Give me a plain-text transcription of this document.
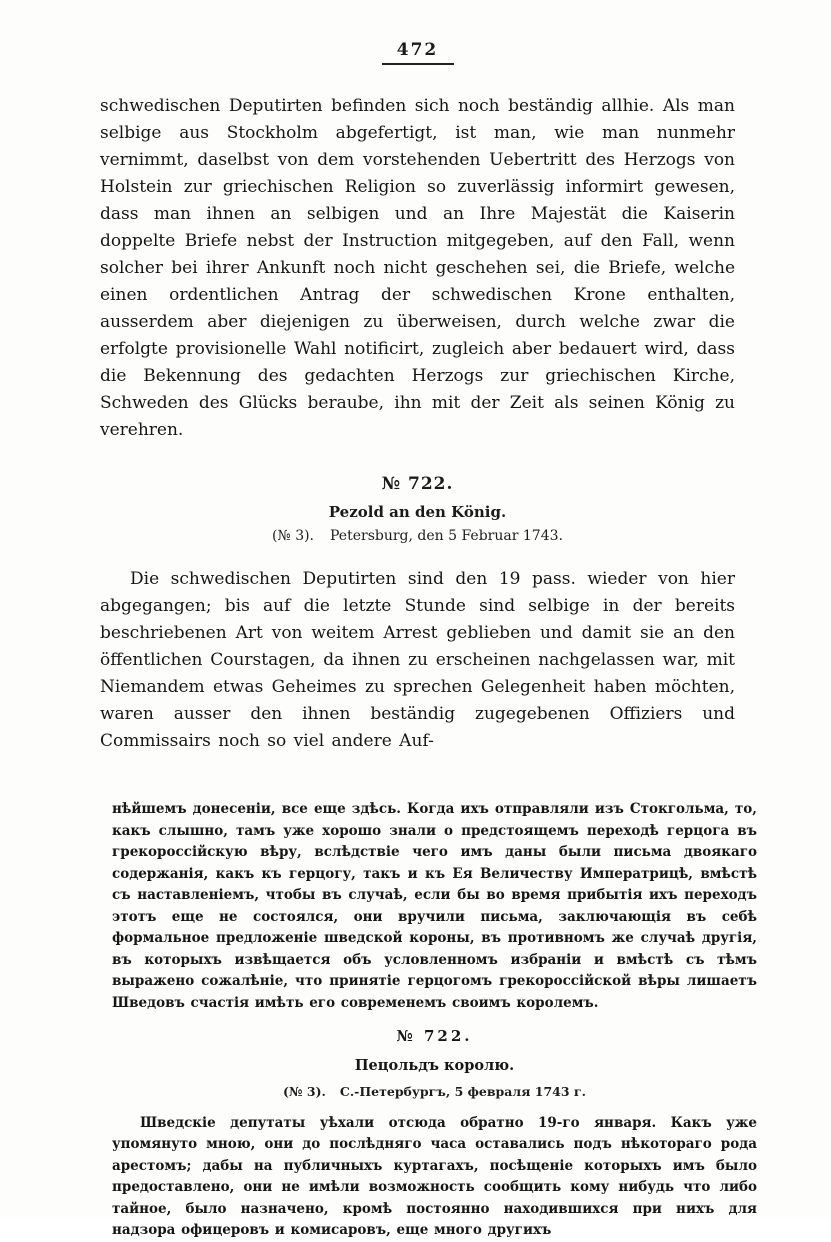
472

schwedischen Deputirten befinden sich noch beständig allhie. Als man selbige aus Stockholm abgefertigt, ist man, wie man nunmehr vernimmt, daselbst von dem vorstehenden Uebertritt des Herzogs von Holstein zur griechischen Religion so zuverlässig informirt gewesen, dass man ihnen an selbigen und an Ihre Majestät die Kaiserin doppelte Briefe nebst der Instruction mitgegeben, auf den Fall, wenn solcher bei ihrer Ankunft noch nicht geschehen sei, die Briefe, welche einen ordentlichen Antrag der schwedischen Krone enthalten, ausserdem aber diejenigen zu überweisen, durch welche zwar die erfolgte provisionelle Wahl notificirt, zugleich aber bedauert wird, dass die Bekennung des gedachten Herzogs zur griechischen Kirche, Schweden des Glücks beraube, ihn mit der Zeit als seinen König zu verehren.

№ 722.
Pezold an den König.
(№ 3). Petersburg, den 5 Februar 1743.

Die schwedischen Deputirten sind den 19 pass. wieder von hier abgegangen; bis auf die letzte Stunde sind selbige in der bereits beschriebenen Art von weitem Arrest geblieben und damit sie an den öffentlichen Courstagen, da ihnen zu erscheinen nachgelassen war, mit Niemandem etwas Geheimes zu sprechen Gelegenheit haben möchten, waren ausser den ihnen beständig zugegebenen Offiziers und Commissairs noch so viel andere Auf-

нѣйшемъ донесеніи, все еще здѣсь. Когда ихъ отправляли изъ Стокгольма, то, какъ слышно, тамъ уже хорошо знали о предстоящемъ переходѣ герцога въ грекороссійскую вѣру, вслѣдствіе чего имъ даны были письма двоякаго содержанія, какъ къ герцогу, такъ и къ Ея Величеству Императрицѣ, вмѣстѣ съ наставленіемъ, чтобы въ случаѣ, если бы во время прибытія ихъ переходъ этотъ еще не состоялся, они вручили письма, заключающія въ себѣ формальное предложеніе шведской короны, въ противномъ же случаѣ другія, въ которыхъ извѣщается объ условленномъ избраніи и вмѣстѣ съ тѣмъ выражено сожалѣніе, что принятіе герцогомъ грекороссійской вѣры лишаетъ Шведовъ счастія имѣть его современемъ своимъ королемъ.

№ 722.
Пецольдъ королю.
(№ 3). С.-Петербургъ, 5 февраля 1743 г.

Шведскіе депутаты уѣхали отсюда обратно 19-го января. Какъ уже упомянуто мною, они до послѣдняго часа оставались подъ нѣкотораго рода арестомъ; дабы на публичныхъ куртагахъ, посѣщеніе которыхъ имъ было предоставлено, они не имѣли возможность сообщить кому нибудь что либо тайное, было назначено, кромѣ постоянно находившихся при нихъ для надзора офицеровъ и комисаровъ, еще много другихъ
